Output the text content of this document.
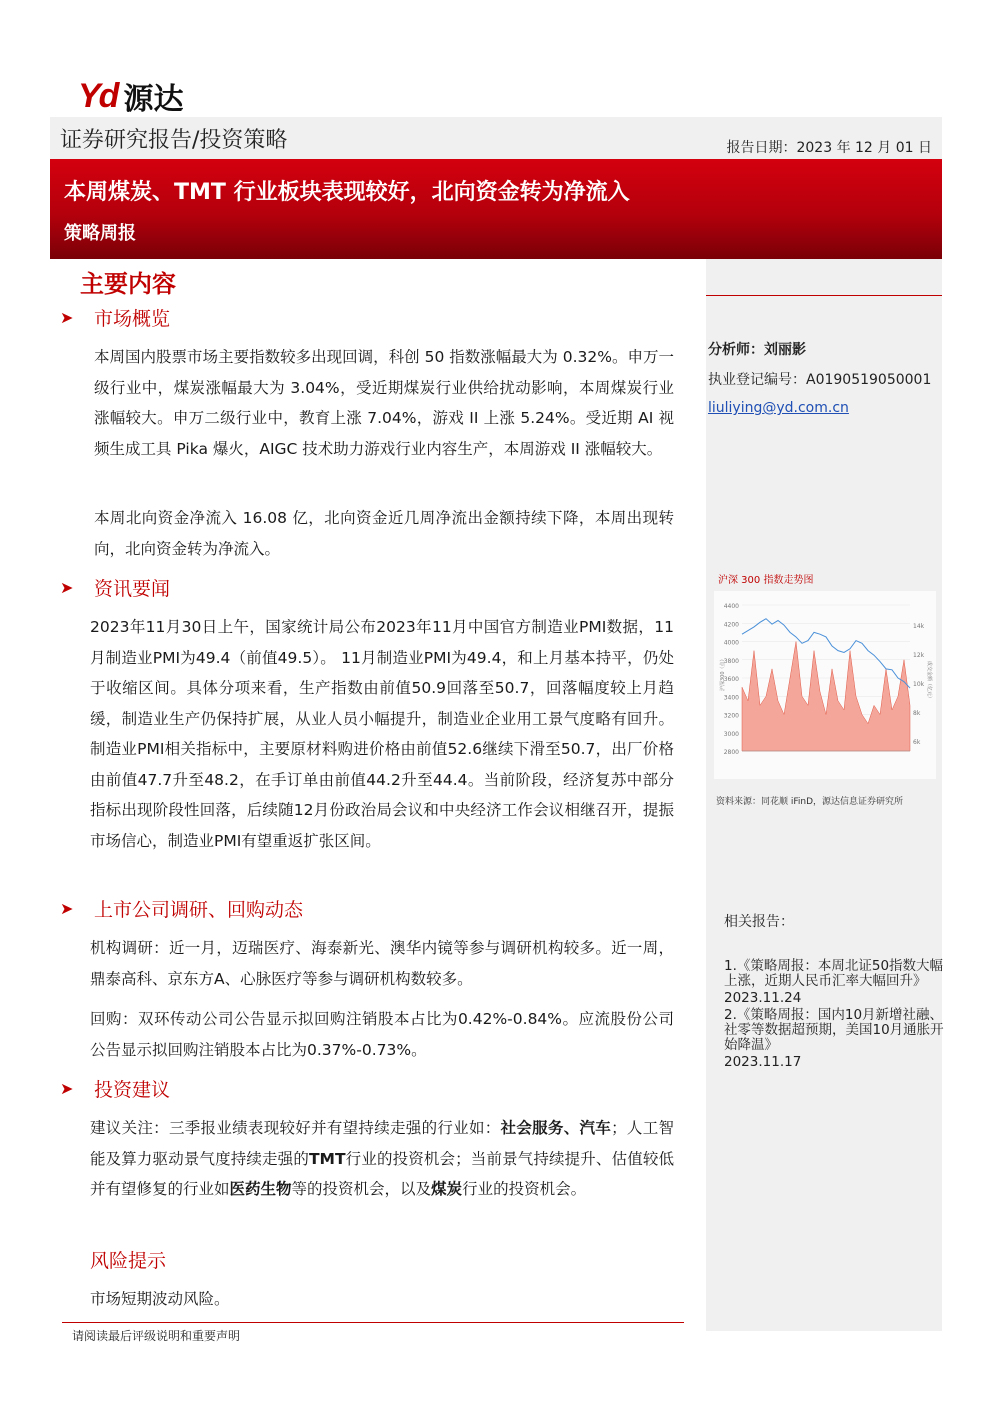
Yd 源达
证券研究报告/投资策略	报告日期：2023 年 12 月 01 日
本周煤炭、TMT 行业板块表现较好，北向资金转为净流入
策略周报
主要内容
➤	市场概览
本周国内股票市场主要指数较多出现回调，科创 50 指数涨幅最大为 0.32%。申万一级行业中，煤炭涨幅最大为 3.04%，受近期煤炭行业供给扰动影响，本周煤炭行业涨幅较大。申万二级行业中，教育上涨 7.04%，游戏 II 上涨 5.24%。受近期 AI 视频生成工具 Pika 爆火，AIGC 技术助力游戏行业内容生产，本周游戏 II 涨幅较大。
本周北向资金净流入 16.08 亿，北向资金近几周净流出金额持续下降，本周出现转向，北向资金转为净流入。
➤	资讯要闻
2023年11月30日上午，国家统计局公布2023年11月中国官方制造业PMI数据，11月制造业PMI为49.4（前值49.5）。 11月制造业PMI为49.4，和上月基本持平，仍处于收缩区间。具体分项来看，生产指数由前值50.9回落至50.7，回落幅度较上月趋缓，制造业生产仍保持扩展，从业人员小幅提升，制造业企业用工景气度略有回升。制造业PMI相关指标中，主要原材料购进价格由前值52.6继续下滑至50.7，出厂价格由前值47.7升至48.2，在手订单由前值44.2升至44.4。当前阶段，经济复苏中部分指标出现阶段性回落，后续随12月份政治局会议和中央经济工作会议相继召开，提振市场信心，制造业PMI有望重返扩张区间。
➤	上市公司调研、回购动态
机构调研：近一月，迈瑞医疗、海泰新光、澳华内镜等参与调研机构较多。近一周，鼎泰高科、京东方A、心脉医疗等参与调研机构数较多。
回购：双环传动公司公告显示拟回购注销股本占比为0.42%-0.84%。应流股份公司公告显示拟回购注销股本占比为0.37%-0.73%。
➤	投资建议
建议关注：三季报业绩表现较好并有望持续走强的行业如：社会服务、汽车；人工智能及算力驱动景气度持续走强的TMT行业的投资机会；当前景气持续提升、估值较低并有望修复的行业如医药生物等的投资机会，以及煤炭行业的投资机会。
风险提示
市场短期波动风险。
请阅读最后评级说明和重要声明
分析师：刘丽影
执业登记编号：A0190519050001
liuliying@yd.com.cn
沪深 300 指数走势图
4400
4200
4000
3800
3600
3400
3200
3000
2800
14k
12k
10k
8k
6k
沪深300（点）	成交金额（亿元）
资料来源：同花顺 iFinD，源达信息证券研究所
相关报告：
1.《策略周报：本周北证50指数大幅上涨，近期人民币汇率大幅回升》
2023.11.24
2.《策略周报：国内10月新增社融、社零等数据超预期，美国10月通胀开始降温》
2023.11.17
